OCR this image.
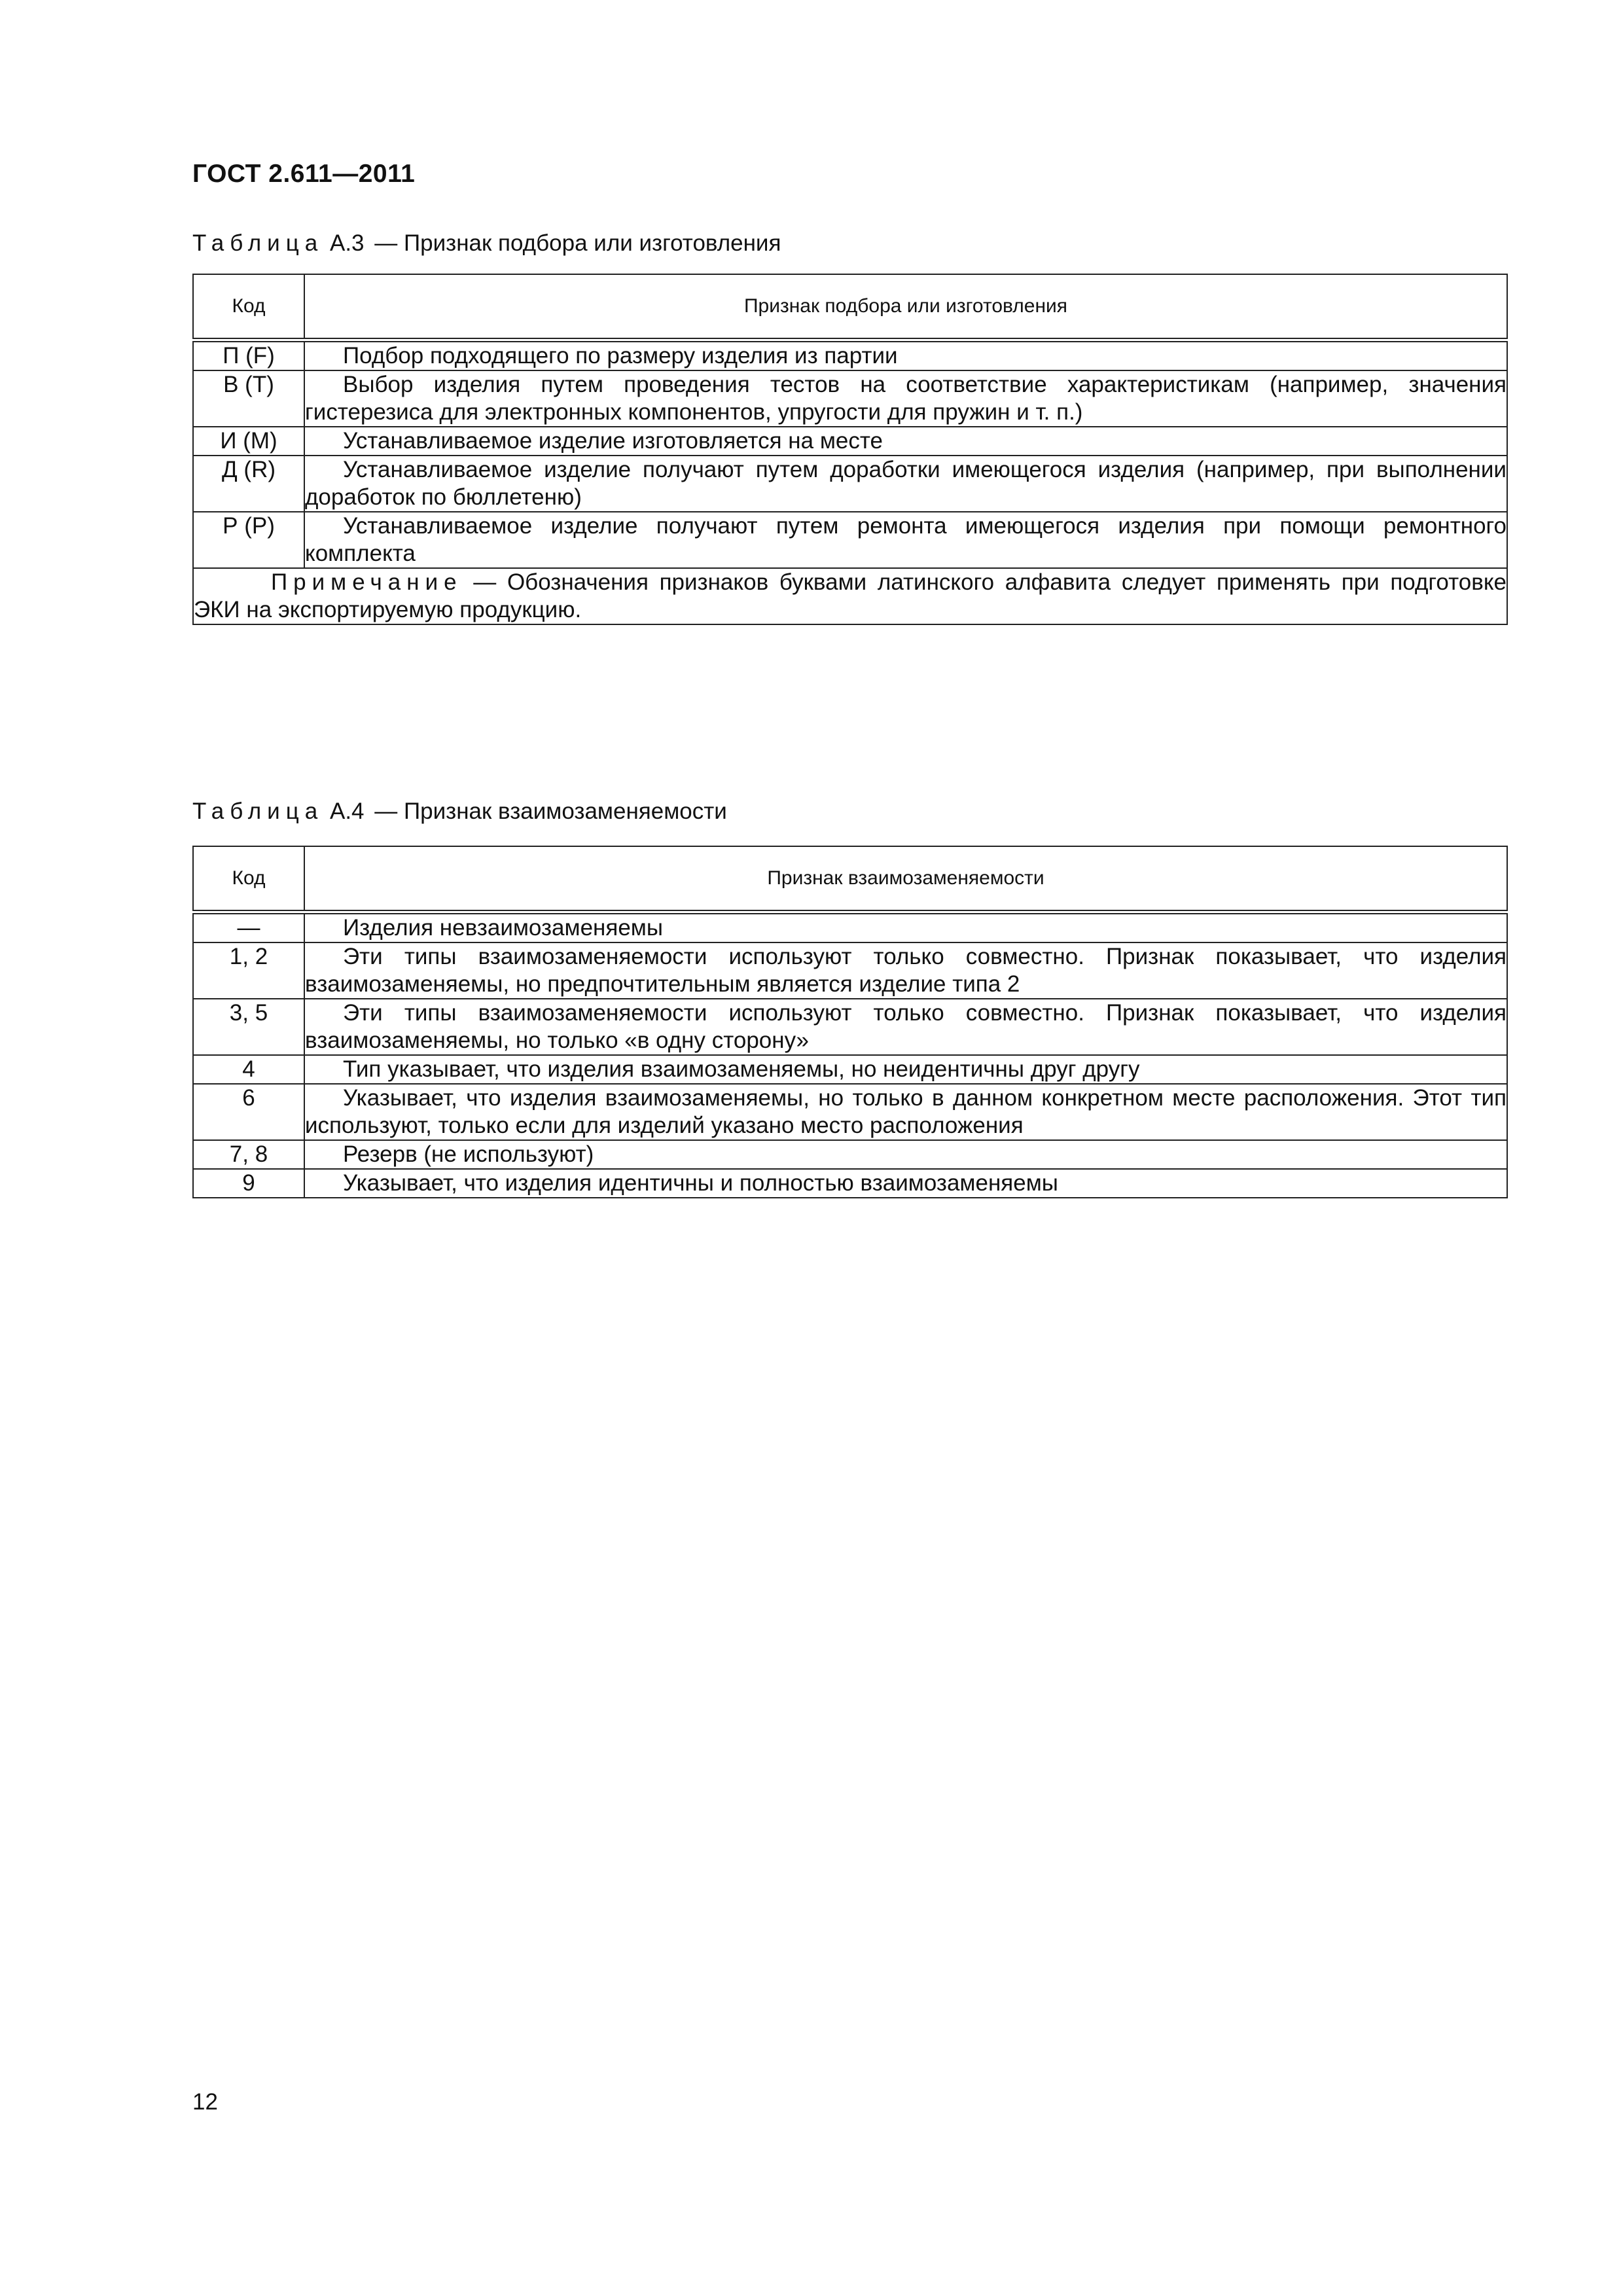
ГОСТ 2.611—2011
Таблица А.3 — Признак подбора или изготовления
Код	Признак подбора или изготовления
П (F)	Подбор подходящего по размеру изделия из партии
В (T)	Выбор изделия путем проведения тестов на соответствие характеристикам (например, значения гистерезиса для электронных компонентов, упругости для пружин и т. п.)
И (M)	Устанавливаемое изделие изготовляется на месте
Д (R)	Устанавливаемое изделие получают путем доработки имеющегося изделия (например, при выполнении доработок по бюллетеню)
Р (P)	Устанавливаемое изделие получают путем ремонта имеющегося изделия при помощи ремонтного комплекта
Примечание — Обозначения признаков буквами латинского алфавита следует применять при подготовке ЭКИ на экспортируемую продукцию.	
Таблица А.4 — Признак взаимозаменяемости
Код	Признак взаимозаменяемости
—	Изделия невзаимозаменяемы
1, 2	Эти типы взаимозаменяемости используют только совместно. Признак показывает, что изделия взаимозаменяемы, но предпочтительным является изделие типа 2
3, 5	Эти типы взаимозаменяемости используют только совместно. Признак показывает, что изделия взаимозаменяемы, но только «в одну сторону»
4	Тип указывает, что изделия взаимозаменяемы, но неидентичны друг другу
6	Указывает, что изделия взаимозаменяемы, но только в данном конкретном месте расположения. Этот тип используют, только если для изделий указано место расположения
7, 8	Резерв (не используют)
9	Указывает, что изделия идентичны и полностью взаимозаменяемы
12
